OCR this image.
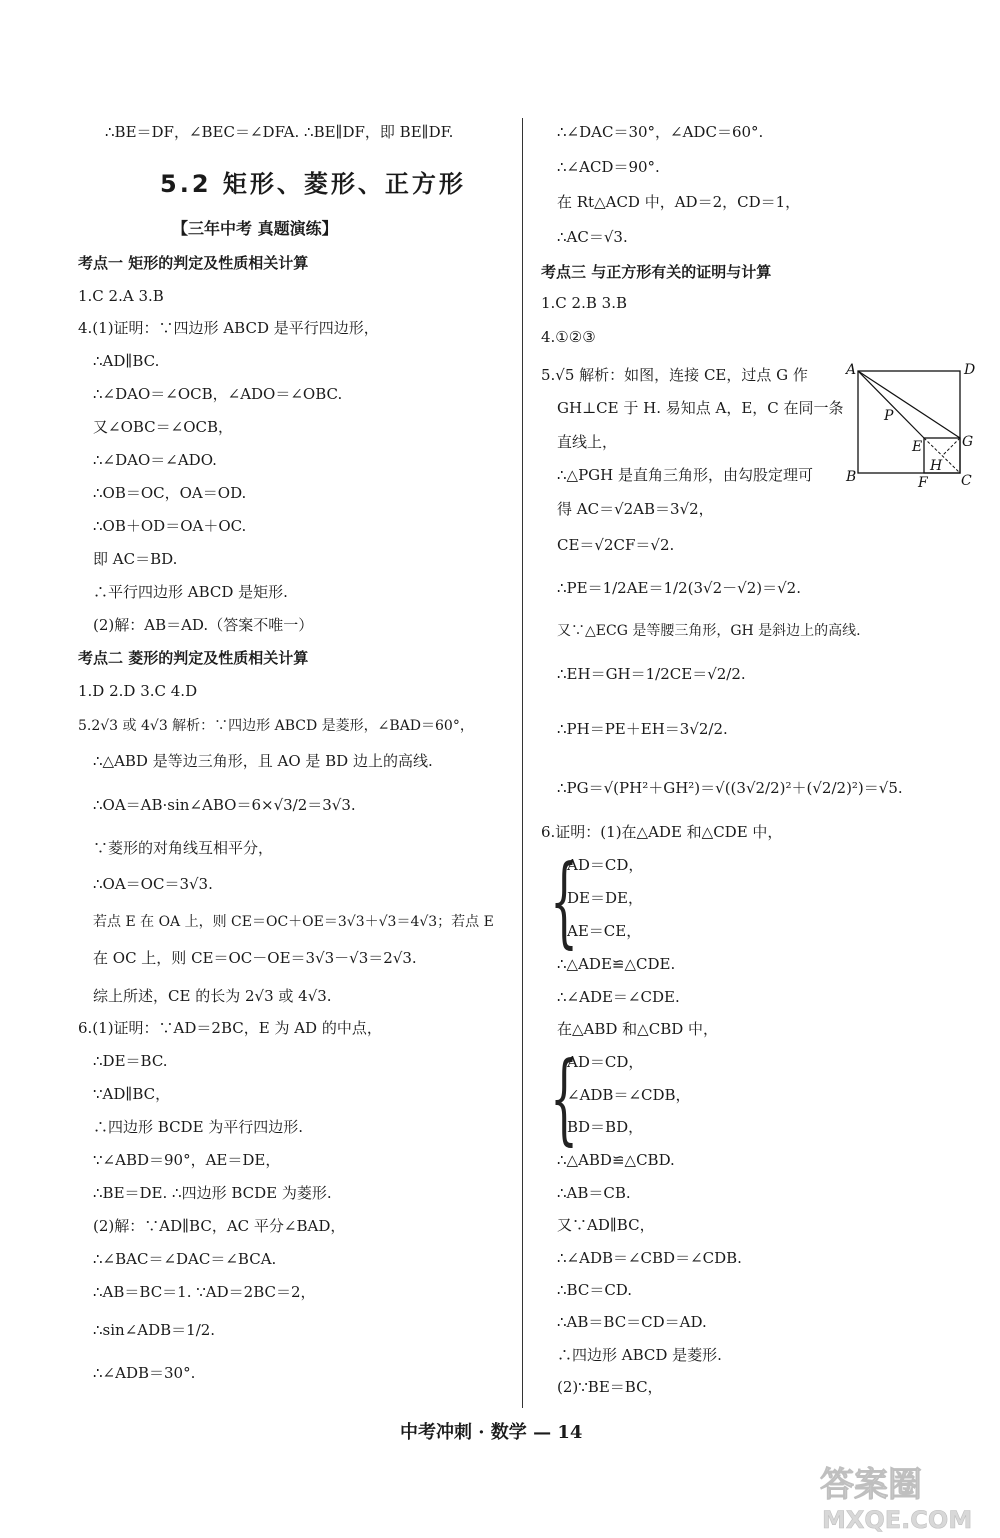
∴BE＝DF，∠BEC＝∠DFA. ∴BE∥DF，即 BE∥DF.
5.2 矩形、菱形、正方形
【三年中考 真题演练】
考点一 矩形的判定及性质相关计算
1.C 2.A 3.B
4.(1)证明：∵四边形 ABCD 是平行四边形，
∴AD∥BC.
∴∠DAO＝∠OCB，∠ADO＝∠OBC.
又∠OBC＝∠OCB，
∴∠DAO＝∠ADO.
∴OB＝OC，OA＝OD.
∴OB＋OD＝OA＋OC.
即 AC＝BD.
∴平行四边形 ABCD 是矩形.
(2)解：AB＝AD.（答案不唯一）
考点二 菱形的判定及性质相关计算
1.D 2.D 3.C 4.D
5.2√3 或 4√3 解析：∵四边形 ABCD 是菱形，∠BAD＝60°，
∴△ABD 是等边三角形，且 AO 是 BD 边上的高线.
∴OA＝AB·sin∠ABO＝6×√3/2＝3√3.
∵菱形的对角线互相平分，
∴OA＝OC＝3√3.
若点 E 在 OA 上，则 CE＝OC＋OE＝3√3＋√3＝4√3；若点 E
在 OC 上，则 CE＝OC－OE＝3√3－√3＝2√3.
综上所述，CE 的长为 2√3 或 4√3.
6.(1)证明：∵AD＝2BC，E 为 AD 的中点，
∴DE＝BC.
∵AD∥BC，
∴四边形 BCDE 为平行四边形.
∵∠ABD＝90°，AE＝DE，
∴BE＝DE. ∴四边形 BCDE 为菱形.
(2)解：∵AD∥BC，AC 平分∠BAD，
∴∠BAC＝∠DAC＝∠BCA.
∴AB＝BC＝1. ∵AD＝2BC＝2，
∴sin∠ADB＝1/2.
∴∠ADB＝30°.
∴∠DAC＝30°，∠ADC＝60°.
∴∠ACD＝90°.
在 Rt△ACD 中，AD＝2，CD＝1，
∴AC＝√3.
考点三 与正方形有关的证明与计算
1.C 2.B 3.B
4.①②③
5.√5 解析：如图，连接 CE，过点 G 作
GH⊥CE 于 H. 易知点 A，E，C 在同一条
直线上，
∴△PGH 是直角三角形，由勾股定理可
得 AC＝√2AB＝3√2，
CE＝√2CF＝√2.
∴PE＝1/2AE＝1/2(3√2－√2)＝√2.
又∵△ECG 是等腰三角形，GH 是斜边上的高线.
∴EH＝GH＝1/2CE＝√2/2.
∴PH＝PE＋EH＝3√2/2.
∴PG＝√(PH²＋GH²)＝√((3√2/2)²＋(√2/2)²)＝√5.
6.证明：(1)在△ADE 和△CDE 中，
{
AD＝CD，
DE＝DE，
AE＝CE，
∴△ADE≌△CDE.
∴∠ADE＝∠CDE.
在△ABD 和△CBD 中，
{
AD＝CD，
∠ADB＝∠CDB，
BD＝BD，
∴△ABD≌△CBD.
∴AB＝CB.
又∵AD∥BC，
∴∠ADB＝∠CBD＝∠CDB.
∴BC＝CD.
∴AB＝BC＝CD＝AD.
∴四边形 ABCD 是菱形.
(2)∵BE＝BC，
A	D
B	C
P
E	G
H
F
中考冲刺 · 数学 — 14
答案圈
MXQE.COM
